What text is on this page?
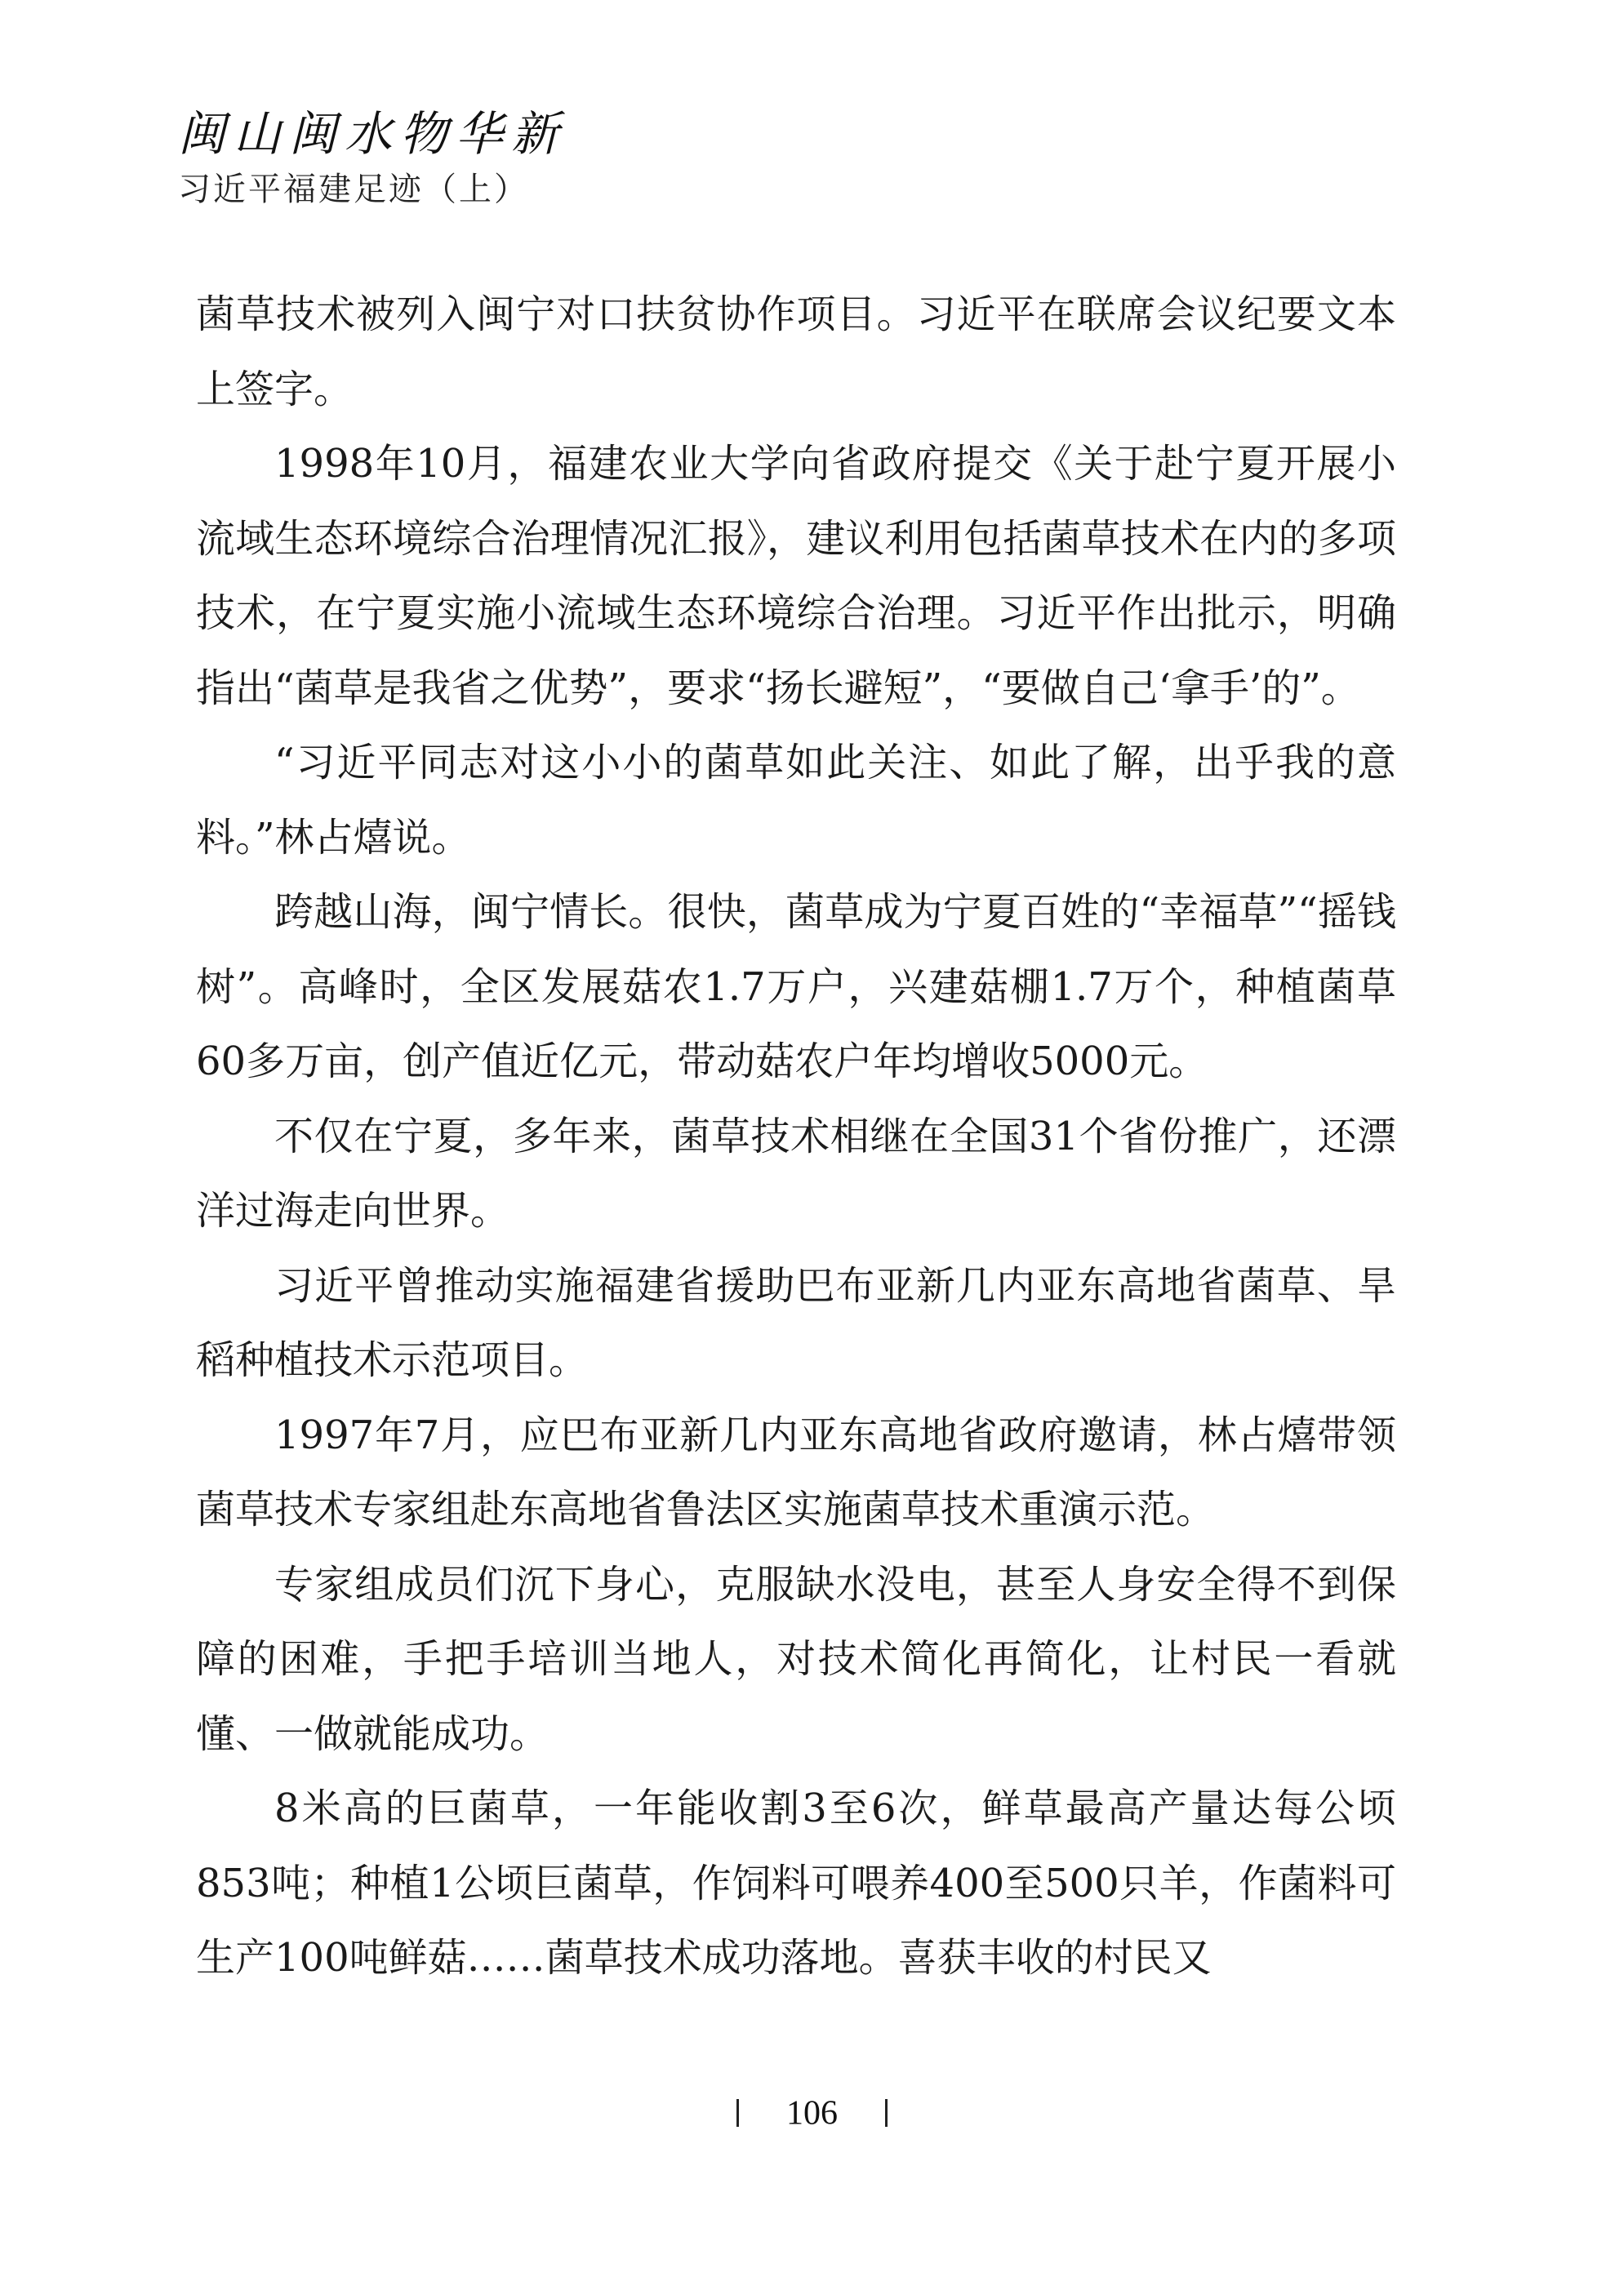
闽山闽水物华新
习近平福建足迹（上）

菌草技术被列入闽宁对口扶贫协作项目。习近平在联席会议纪要文本上签字。

1998年10月，福建农业大学向省政府提交《关于赴宁夏开展小流域生态环境综合治理情况汇报》，建议利用包括菌草技术在内的多项技术，在宁夏实施小流域生态环境综合治理。习近平作出批示，明确指出“菌草是我省之优势”，要求“扬长避短”，“要做自己‘拿手’的”。

“习近平同志对这小小的菌草如此关注、如此了解，出乎我的意料。”林占熺说。

跨越山海，闽宁情长。很快，菌草成为宁夏百姓的“幸福草”“摇钱树”。高峰时，全区发展菇农1.7万户，兴建菇棚1.7万个，种植菌草60多万亩，创产值近亿元，带动菇农户年均增收5000元。

不仅在宁夏，多年来，菌草技术相继在全国31个省份推广，还漂洋过海走向世界。

习近平曾推动实施福建省援助巴布亚新几内亚东高地省菌草、旱稻种植技术示范项目。

1997年7月，应巴布亚新几内亚东高地省政府邀请，林占熺带领菌草技术专家组赴东高地省鲁法区实施菌草技术重演示范。

专家组成员们沉下身心，克服缺水没电，甚至人身安全得不到保障的困难，手把手培训当地人，对技术简化再简化，让村民一看就懂、一做就能成功。

8米高的巨菌草，一年能收割3至6次，鲜草最高产量达每公顷853吨；种植1公顷巨菌草，作饲料可喂养400至500只羊，作菌料可生产100吨鲜菇……菌草技术成功落地。喜获丰收的村民又

106
